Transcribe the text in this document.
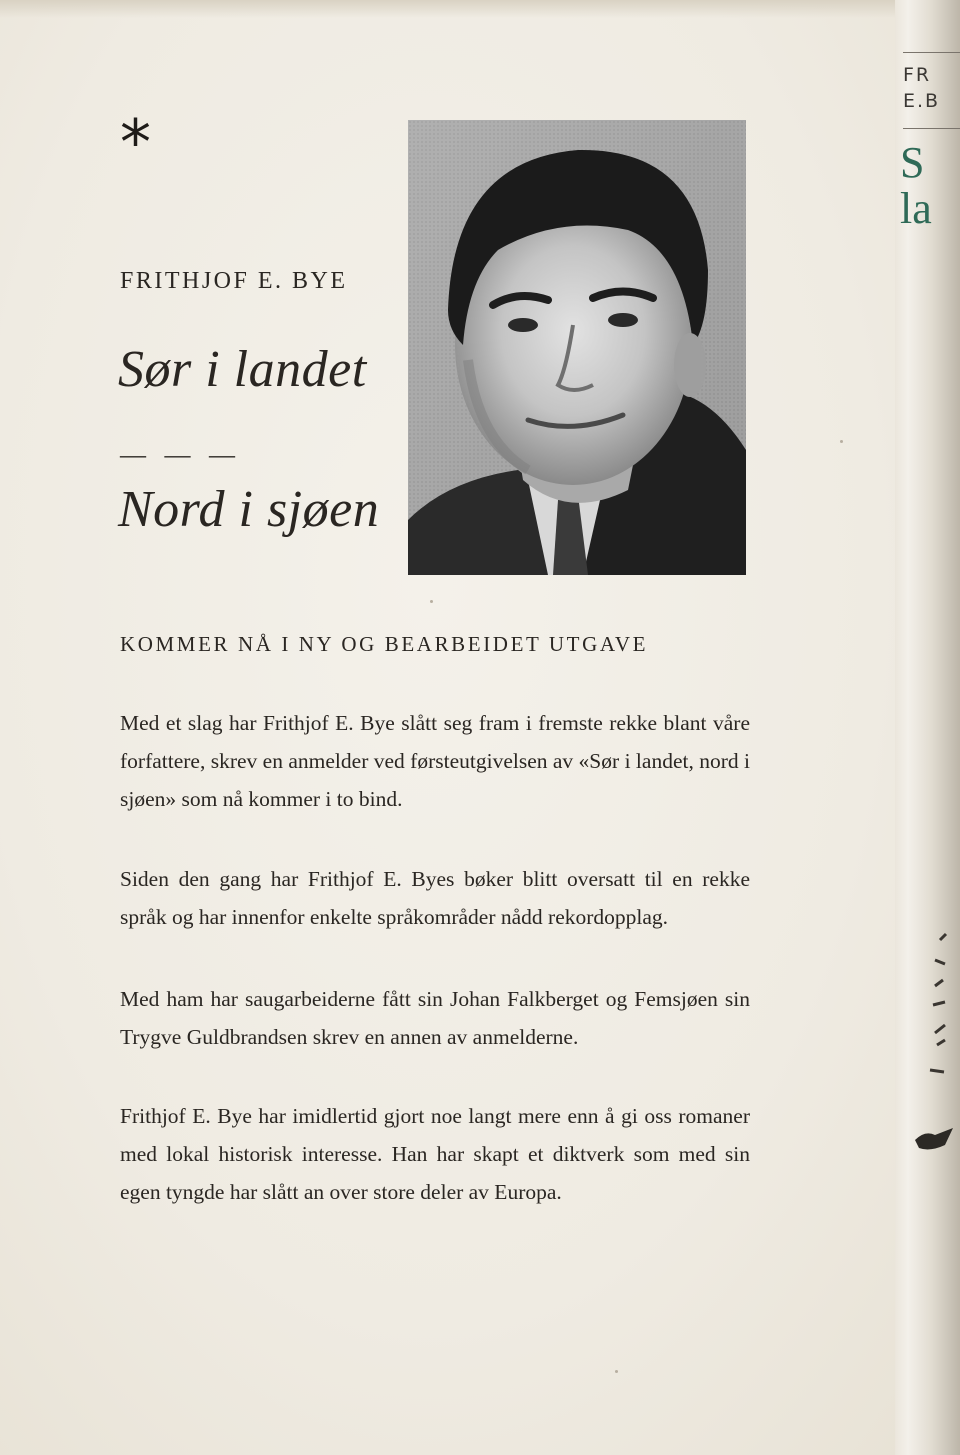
*
FRITHJOF E. BYE
Sør i landet
— — —
Nord i sjøen
KOMMER NÅ I NY OG BEARBEIDET UTGAVE

Med et slag har Frithjof E. Bye slått seg fram i fremste rekke blant våre forfattere, skrev en anmelder ved førsteutgivelsen av «Sør i landet, nord i sjøen» som nå kommer i to bind.

Siden den gang har Frithjof E. Byes bøker blitt oversatt til en rekke språk og har innenfor enkelte språkområder nådd rekordopplag.

Med ham har saugarbeiderne fått sin Johan Falkberget og Femsjøen sin Trygve Guldbrandsen skrev en annen av anmelderne.

Frithjof E. Bye har imidlertid gjort noe langt mere enn å gi oss romaner med lokal historisk interesse. Han har skapt et diktverk som med sin egen tyngde har slått an over store deler av Europa.

FR
E.B
S
la
